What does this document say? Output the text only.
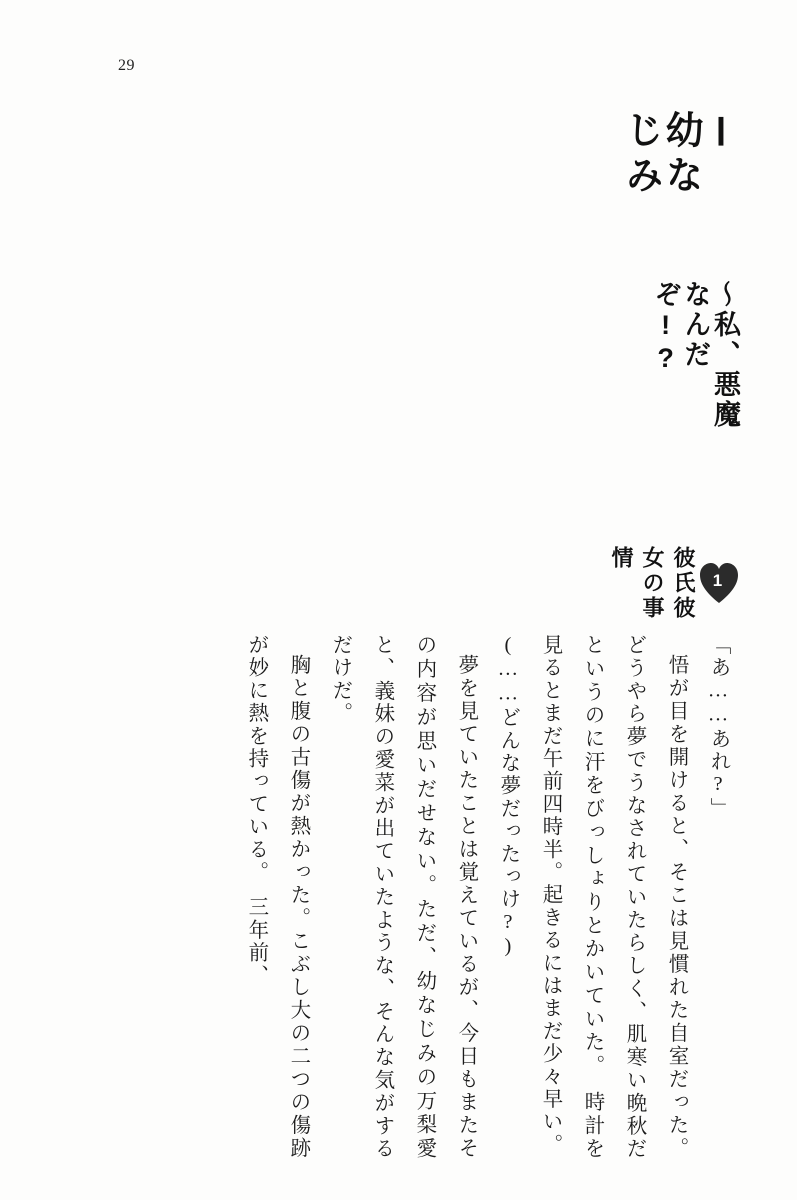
29
Ⅰ 幼なじみ
～私、悪魔なんだぞ!?
1
彼氏彼女の事情

「あ……あれ?」

悟が目を開けると、そこは見慣れた自室だった。どうやら夢でうなされていたらしく、肌寒い晩秋だというのに汗をびっしょりとかいていた。　時計を見るとまだ午前四時半。起きるにはまだ少々早い。

(……どんな夢だったっけ?)

夢を見ていたことは覚えているが、今日もまたその内容が思いだせない。ただ、幼なじみの万梨愛と、義妹の愛菜が出ていたような、そんな気がするだけだ。

胸と腹の古傷が熱かった。こぶし大の二つの傷跡が妙に熱を持っている。　三年前、
